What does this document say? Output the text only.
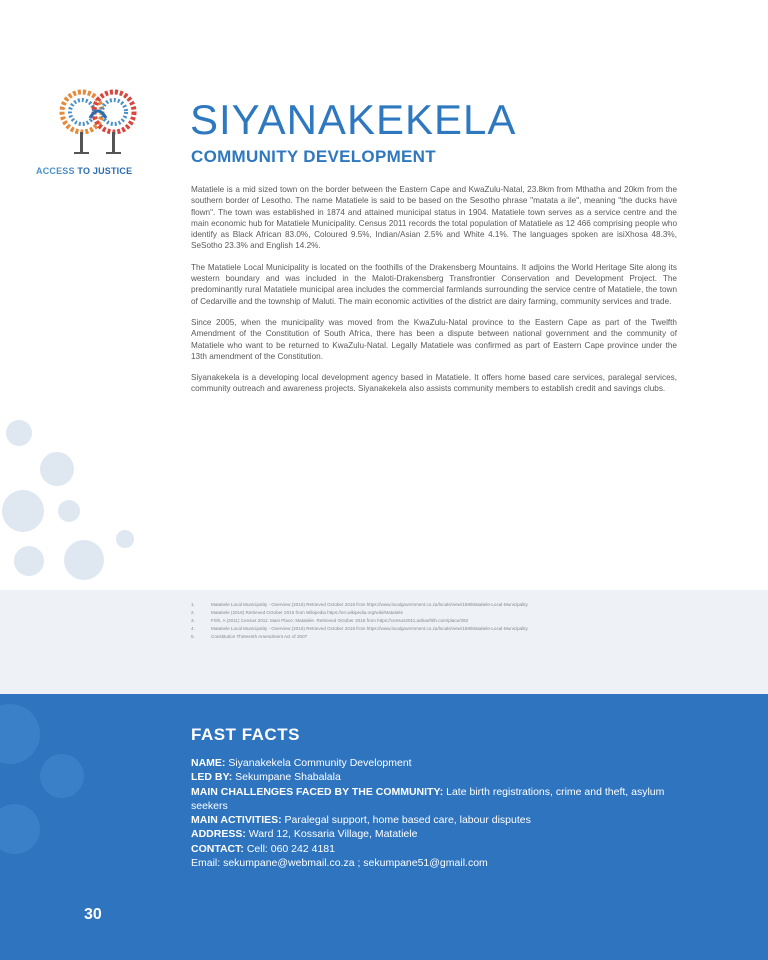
ACCESS TO JUSTICE
SIYANAKEKELA
COMMUNITY DEVELOPMENT

Matatiele is a mid sized town on the border between the Eastern Cape and KwaZulu-Natal, 23.8km from Mthatha and 20km from the southern border of Lesotho. The name Matatiele is said to be based on the Sesotho phrase "matata a ile", meaning "the ducks have flown". The town was established in 1874 and attained municipal status in 1904. Matatiele town serves as a service centre and the main economic hub for Matatiele Municipality. Census 2011 records the total population of Matatiele as 12 466 comprising people who identify as Black African 83.0%, Coloured 9.5%, Indian/Asian 2.5% and White 4.1%. The languages spoken are isiXhosa 48.3%, SeSotho 23.3% and English 14.2%.

The Matatiele Local Municipality is located on the foothills of the Drakensberg Mountains. It adjoins the World Heritage Site along its western boundary and was included in the Maloti-Drakensberg Transfrontier Conservation and Development Project. The predominantly rural Matatiele municipal area includes the commercial farmlands surrounding the service centre of Matatiele, the town of Cedarville and the township of Maluti. The main economic activities of the district are dairy farming, community services and trade.

Since 2005, when the municipality was moved from the KwaZulu-Natal province to the Eastern Cape as part of the Twelfth Amendment of the Constitution of South Africa, there has been a dispute between national government and the community of Matatiele who want to be returned to KwaZulu-Natal. Legally Matatiele was confirmed as part of Eastern Cape province under the 13th amendment of the Constitution.

Siyanakekela is a developing local development agency based in Matatiele. It offers home based care services, paralegal services, community outreach and awareness projects. Siyanakekela also assists community members to establish credit and savings clubs.

1.	Matatiele Local Municipality - Overview (2016) Retrieved October 2016 from https://www.localgovernment.co.za/locals/view/159/Matatiele-Local-Municipality
2.	Matatiele (2016) Retrieved October 2016 from Wikipedia https://en.wikipedia.org/wiki/Matatiele
3.	Frith, A (2011) Census 2011: Main Place: Matatiele. Retrieved October 2016 from https://census2011.adrianfrith.com/place/292
4.	Matatiele Local Municipality - Overview (2016) Retrieved October 2016 from https://www.localgovernment.co.za/locals/view/159/Matatiele-Local-Municipality
5.	Constitution Thirteenth Amendment Act of 2007
FAST FACTS
NAME: Siyanakekela Community Development
LED BY: Sekumpane Shabalala
MAIN CHALLENGES FACED BY THE COMMUNITY: Late birth registrations, crime and theft, asylum seekers
MAIN ACTIVITIES: Paralegal support, home based care, labour disputes
ADDRESS: Ward 12, Kossaria Village, Matatiele
CONTACT: Cell: 060 242 4181
Email: sekumpane@webmail.co.za ; sekumpane51@gmail.com
30
